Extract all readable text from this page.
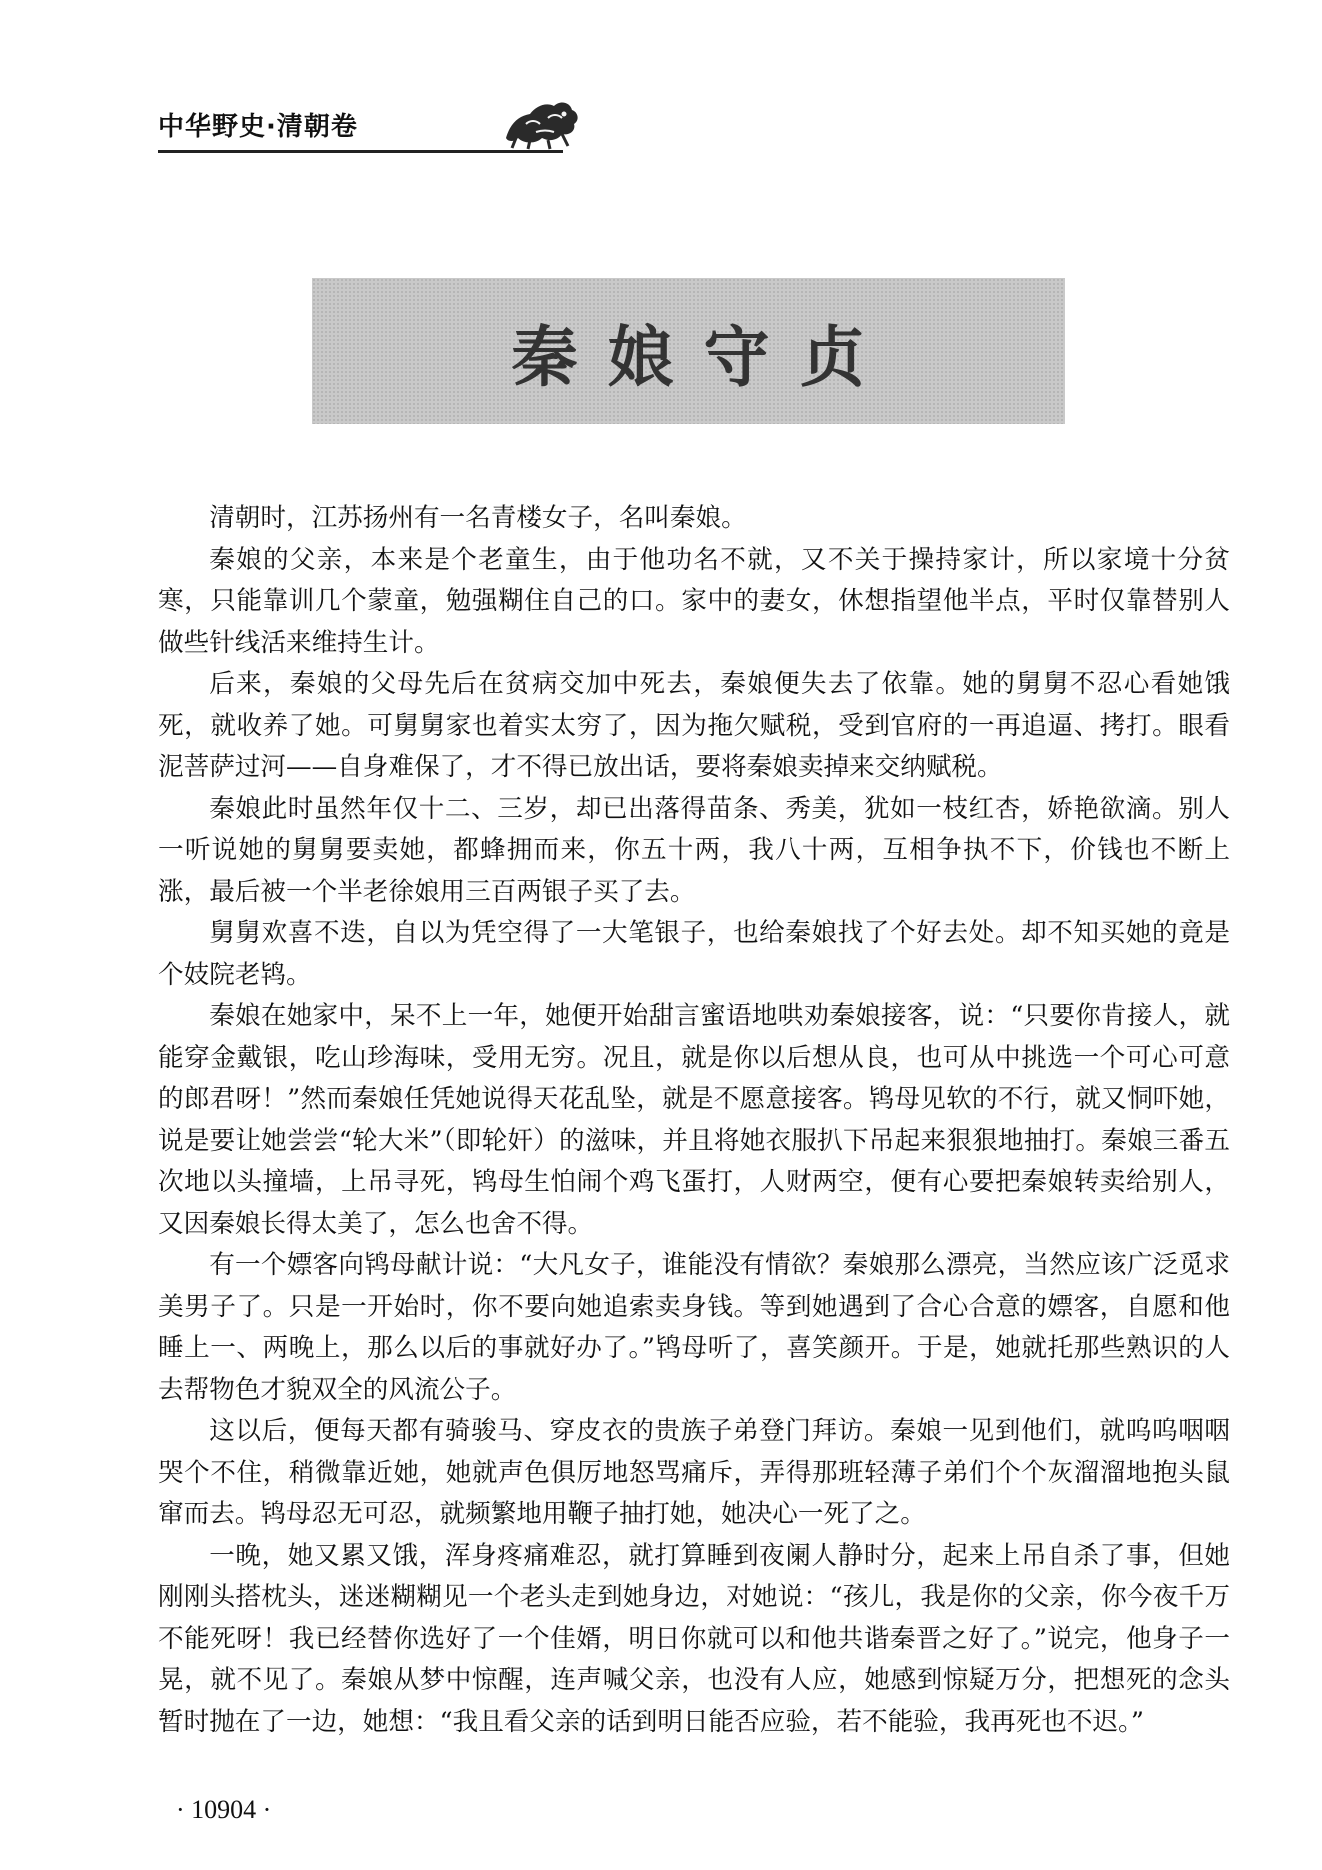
中华野史·清朝卷
秦娘守贞

清朝时，江苏扬州有一名青楼女子，名叫秦娘。

秦娘的父亲，本来是个老童生，由于他功名不就，又不关于操持家计，所以家境十分贫寒，只能靠训几个蒙童，勉强糊住自己的口。家中的妻女，休想指望他半点，平时仅靠替别人做些针线活来维持生计。

后来，秦娘的父母先后在贫病交加中死去，秦娘便失去了依靠。她的舅舅不忍心看她饿死，就收养了她。可舅舅家也着实太穷了，因为拖欠赋税，受到官府的一再追逼、拷打。眼看泥菩萨过河——自身难保了，才不得已放出话，要将秦娘卖掉来交纳赋税。

秦娘此时虽然年仅十二、三岁，却已出落得苗条、秀美，犹如一枝红杏，娇艳欲滴。别人一听说她的舅舅要卖她，都蜂拥而来，你五十两，我八十两，互相争执不下，价钱也不断上涨，最后被一个半老徐娘用三百两银子买了去。

舅舅欢喜不迭，自以为凭空得了一大笔银子，也给秦娘找了个好去处。却不知买她的竟是个妓院老鸨。

秦娘在她家中，呆不上一年，她便开始甜言蜜语地哄劝秦娘接客，说：“只要你肯接人，就能穿金戴银，吃山珍海味，受用无穷。况且，就是你以后想从良，也可从中挑选一个可心可意的郎君呀！”然而秦娘任凭她说得天花乱坠，就是不愿意接客。鸨母见软的不行，就又恫吓她，说是要让她尝尝“轮大米”（即轮奸）的滋味，并且将她衣服扒下吊起来狠狠地抽打。秦娘三番五次地以头撞墙，上吊寻死，鸨母生怕闹个鸡飞蛋打，人财两空，便有心要把秦娘转卖给别人，又因秦娘长得太美了，怎么也舍不得。

有一个嫖客向鸨母献计说：“大凡女子，谁能没有情欲？秦娘那么漂亮，当然应该广泛觅求美男子了。只是一开始时，你不要向她追索卖身钱。等到她遇到了合心合意的嫖客，自愿和他睡上一、两晚上，那么以后的事就好办了。”鸨母听了，喜笑颜开。于是，她就托那些熟识的人去帮物色才貌双全的风流公子。

这以后，便每天都有骑骏马、穿皮衣的贵族子弟登门拜访。秦娘一见到他们，就呜呜咽咽哭个不住，稍微靠近她，她就声色俱厉地怒骂痛斥，弄得那班轻薄子弟们个个灰溜溜地抱头鼠窜而去。鸨母忍无可忍，就频繁地用鞭子抽打她，她决心一死了之。

一晚，她又累又饿，浑身疼痛难忍，就打算睡到夜阑人静时分，起来上吊自杀了事，但她刚刚头搭枕头，迷迷糊糊见一个老头走到她身边，对她说：“孩儿，我是你的父亲，你今夜千万不能死呀！我已经替你选好了一个佳婿，明日你就可以和他共谐秦晋之好了。”说完，他身子一晃，就不见了。秦娘从梦中惊醒，连声喊父亲，也没有人应，她感到惊疑万分，把想死的念头暂时抛在了一边，她想：“我且看父亲的话到明日能否应验，若不能验，我再死也不迟。”

· 10904 ·
